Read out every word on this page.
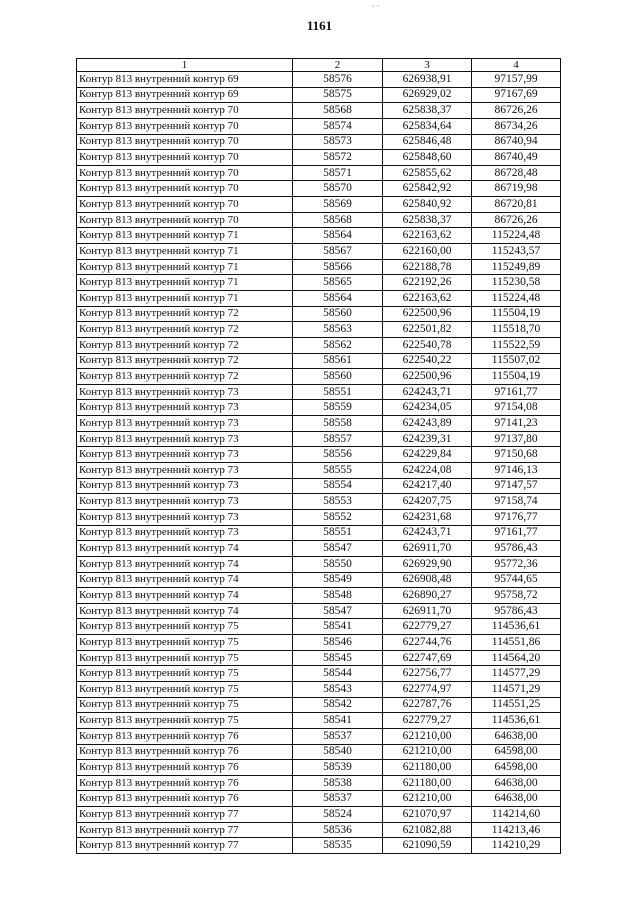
· ·
1161
1	2	3	4
Контур 813 внутренний контур 69	58576	626938,91	97157,99
Контур 813 внутренний контур 69	58575	626929,02	97167,69
Контур 813 внутренний контур 70	58568	625838,37	86726,26
Контур 813 внутренний контур 70	58574	625834,64	86734,26
Контур 813 внутренний контур 70	58573	625846,48	86740,94
Контур 813 внутренний контур 70	58572	625848,60	86740,49
Контур 813 внутренний контур 70	58571	625855,62	86728,48
Контур 813 внутренний контур 70	58570	625842,92	86719,98
Контур 813 внутренний контур 70	58569	625840,92	86720,81
Контур 813 внутренний контур 70	58568	625838,37	86726,26
Контур 813 внутренний контур 71	58564	622163,62	115224,48
Контур 813 внутренний контур 71	58567	622160,00	115243,57
Контур 813 внутренний контур 71	58566	622188,78	115249,89
Контур 813 внутренний контур 71	58565	622192,26	115230,58
Контур 813 внутренний контур 71	58564	622163,62	115224,48
Контур 813 внутренний контур 72	58560	622500,96	115504,19
Контур 813 внутренний контур 72	58563	622501,82	115518,70
Контур 813 внутренний контур 72	58562	622540,78	115522,59
Контур 813 внутренний контур 72	58561	622540,22	115507,02
Контур 813 внутренний контур 72	58560	622500,96	115504,19
Контур 813 внутренний контур 73	58551	624243,71	97161,77
Контур 813 внутренний контур 73	58559	624234,05	97154,08
Контур 813 внутренний контур 73	58558	624243,89	97141,23
Контур 813 внутренний контур 73	58557	624239,31	97137,80
Контур 813 внутренний контур 73	58556	624229,84	97150,68
Контур 813 внутренний контур 73	58555	624224,08	97146,13
Контур 813 внутренний контур 73	58554	624217,40	97147,57
Контур 813 внутренний контур 73	58553	624207,75	97158,74
Контур 813 внутренний контур 73	58552	624231,68	97176,77
Контур 813 внутренний контур 73	58551	624243,71	97161,77
Контур 813 внутренний контур 74	58547	626911,70	95786,43
Контур 813 внутренний контур 74	58550	626929,90	95772,36
Контур 813 внутренний контур 74	58549	626908,48	95744,65
Контур 813 внутренний контур 74	58548	626890,27	95758,72
Контур 813 внутренний контур 74	58547	626911,70	95786,43
Контур 813 внутренний контур 75	58541	622779,27	114536,61
Контур 813 внутренний контур 75	58546	622744,76	114551,86
Контур 813 внутренний контур 75	58545	622747,69	114564,20
Контур 813 внутренний контур 75	58544	622756,77	114577,29
Контур 813 внутренний контур 75	58543	622774,97	114571,29
Контур 813 внутренний контур 75	58542	622787,76	114551,25
Контур 813 внутренний контур 75	58541	622779,27	114536,61
Контур 813 внутренний контур 76	58537	621210,00	64638,00
Контур 813 внутренний контур 76	58540	621210,00	64598,00
Контур 813 внутренний контур 76	58539	621180,00	64598,00
Контур 813 внутренний контур 76	58538	621180,00	64638,00
Контур 813 внутренний контур 76	58537	621210,00	64638,00
Контур 813 внутренний контур 77	58524	621070,97	114214,60
Контур 813 внутренний контур 77	58536	621082,88	114213,46
Контур 813 внутренний контур 77	58535	621090,59	114210,29
